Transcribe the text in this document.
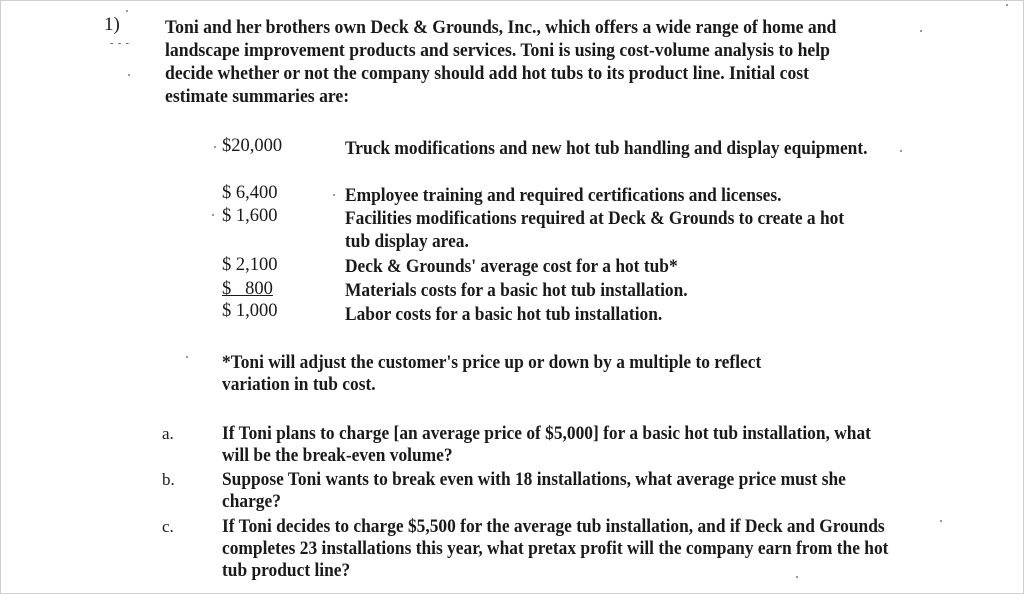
1)
- - -
Toni and her brothers own Deck & Grounds, Inc., which offers a wide range of home and landscape improvement products and services. Toni is using cost-volume analysis to help decide whether or not the company should add hot tubs to its product line. Initial cost estimate summaries are:
$20,000	Truck modifications and new hot tub handling and display equipment.
$ 6,400	Employee training and required certifications and licenses.
$ 1,600	Facilities modifications required at Deck & Grounds to create a hot tub display area.
$ 2,100	Deck & Grounds' average cost for a hot tub*
$   800	Materials costs for a basic hot tub installation.
$ 1,000	Labor costs for a basic hot tub installation.
*Toni will adjust the customer's price up or down by a multiple to reflect variation in tub cost.
a.	If Toni plans to charge [an average price of $5,000] for a basic hot tub installation, what will be the break-even volume?
b.	Suppose Toni wants to break even with 18 installations, what average price must she charge?
c.	If Toni decides to charge $5,500 for the average tub installation, and if Deck and Grounds completes 23 installations this year, what pretax profit will the company earn from the hot tub product line?
